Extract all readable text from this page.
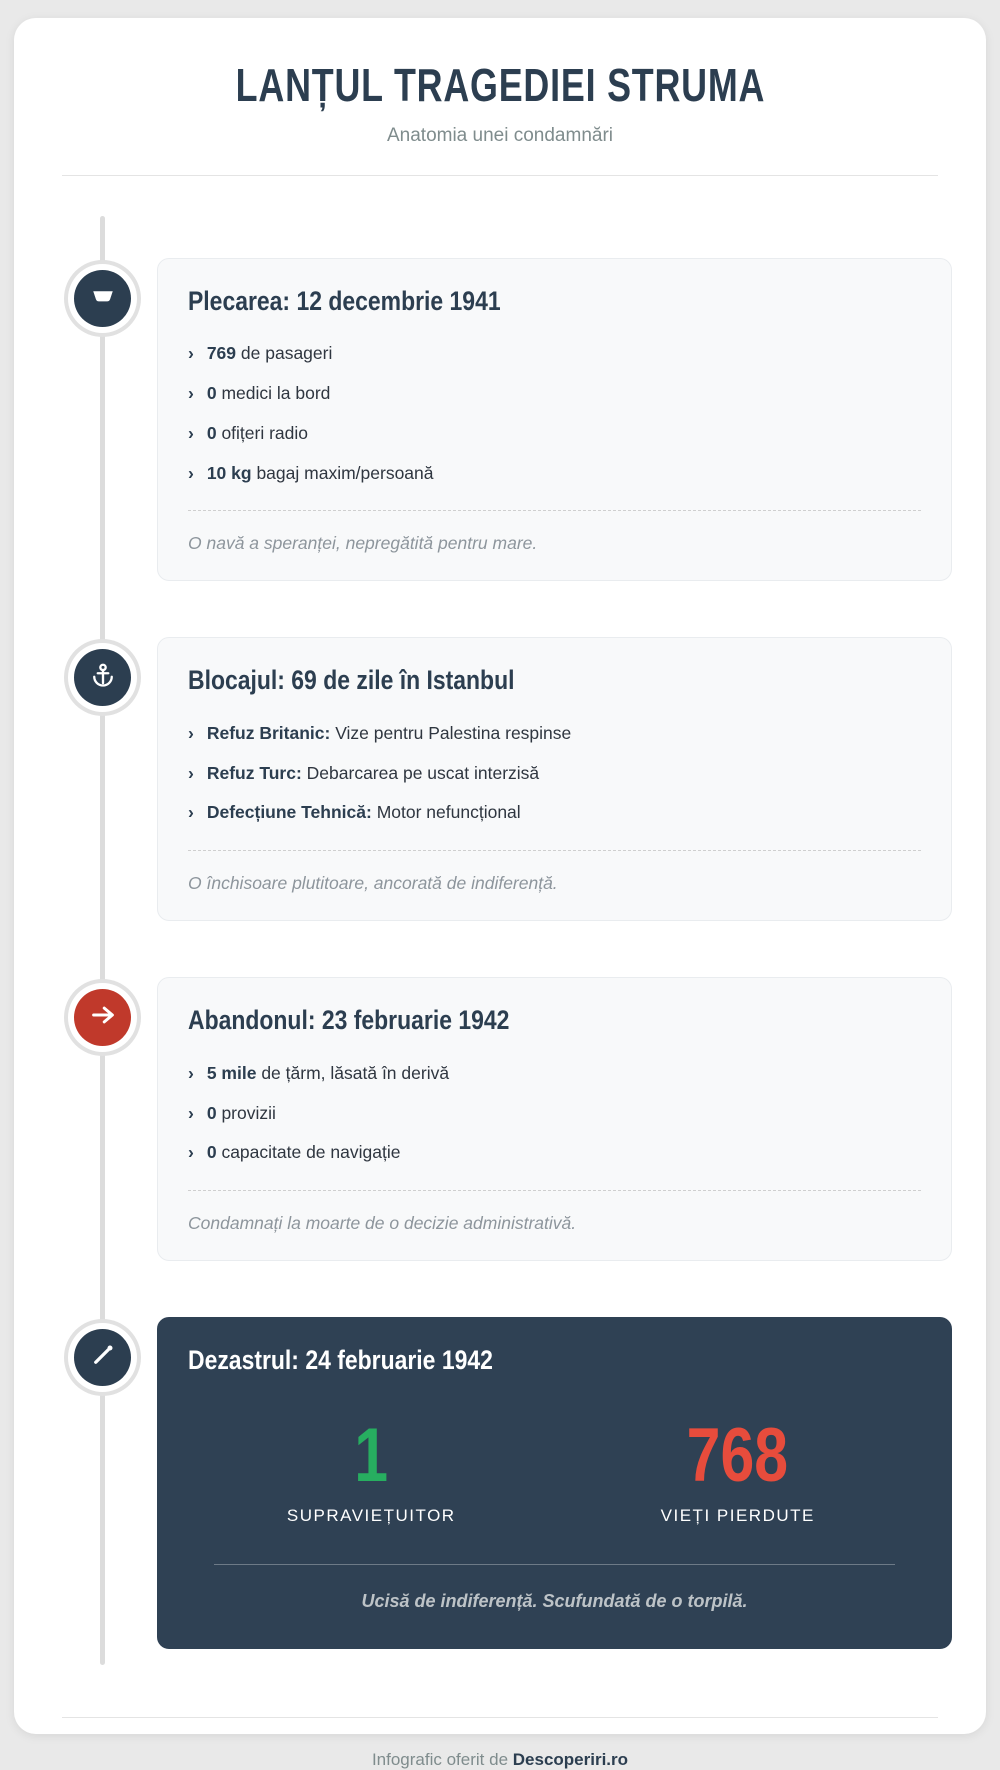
LANȚUL TRAGEDIEI STRUMA

Anatomia unei condamnări

Plecarea: 12 decembrie 1941
› 769 de pasageri
› 0 medici la bord
› 0 ofițeri radio
› 10 kg bagaj maxim/persoană
O navă a speranței, nepregătită pentru mare.
Blocajul: 69 de zile în Istanbul
› Refuz Britanic: Vize pentru Palestina respinse
› Refuz Turc: Debarcarea pe uscat interzisă
› Defecțiune Tehnică: Motor nefuncțional
O închisoare plutitoare, ancorată de indiferență.
Abandonul: 23 februarie 1942
› 5 mile de țărm, lăsată în derivă
› 0 provizii
› 0 capacitate de navigație
Condamnați la moarte de o decizie administrativă.
Dezastrul: 24 februarie 1942
1
SUPRAVIEȚUITOR
768
VIEȚI PIERDUTE
Ucisă de indiferență. Scufundată de o torpilă.
Infografic oferit de Descoperiri.ro
